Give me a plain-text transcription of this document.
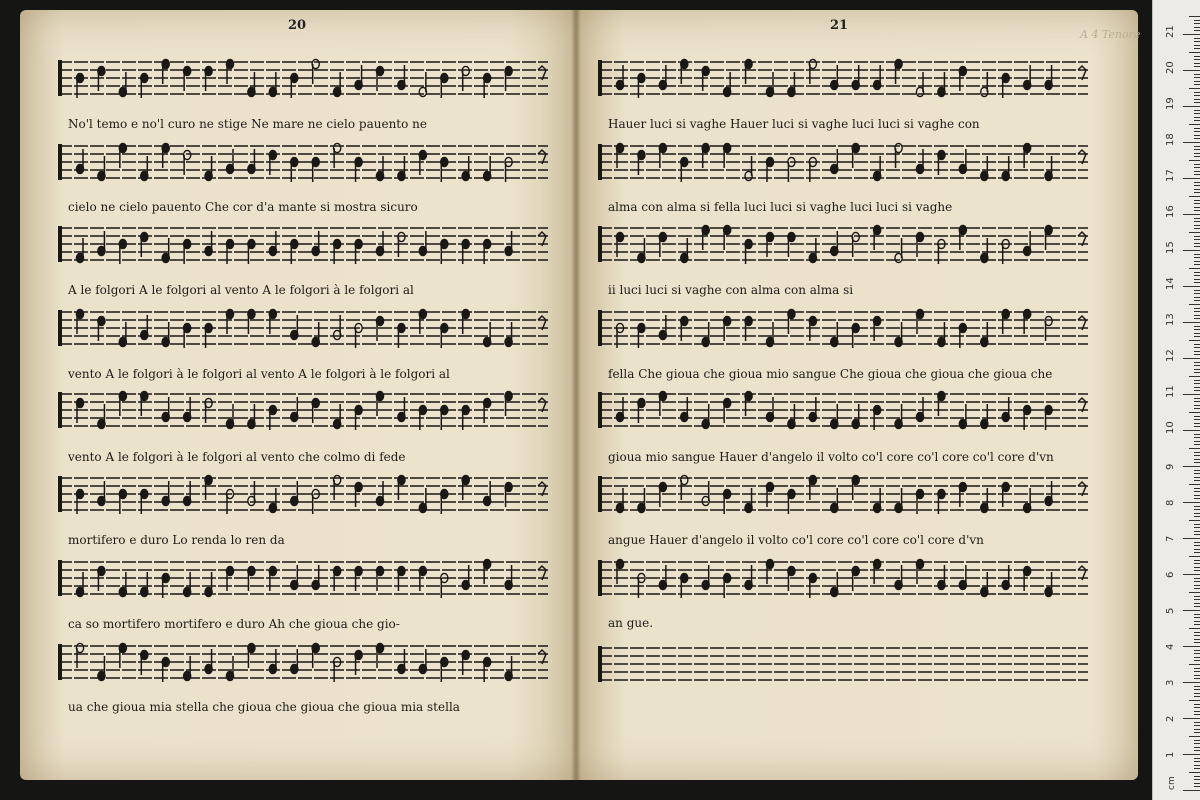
20
No'l temo e no'l curo ne stige Ne mare ne cielo pauento ne
cielo ne cielo pauento Che cor d'a mante si mostra sicuro
A le folgori A le folgori al vento A le folgori à le folgori al
vento A le folgori à le folgori al vento A le folgori à le folgori al
vento A le folgori à le folgori al vento che colmo di fede
mortifero e duro Lo renda lo ren da
ca so mortifero mortifero e duro Ah che gioua che gio-
ua che gioua mia stella che gioua che gioua che gioua mia stella
21
Hauer luci si vaghe Hauer luci si vaghe luci luci si vaghe con
alma con alma si fella luci luci si vaghe luci luci si vaghe
ii luci luci si vaghe con alma con alma si
fella Che gioua che gioua mio sangue Che gioua che gioua che gioua che
gioua mio sangue Hauer d'angelo il volto co'l core co'l core co'l core d'vn
angue Hauer d'angelo il volto co'l core co'l core co'l core d'vn
an gue.
A 4 Tenore
cm
1
2
3
4
5
6
7
8
9
10
11
12
13
14
15
16
17
18
19
20
21
